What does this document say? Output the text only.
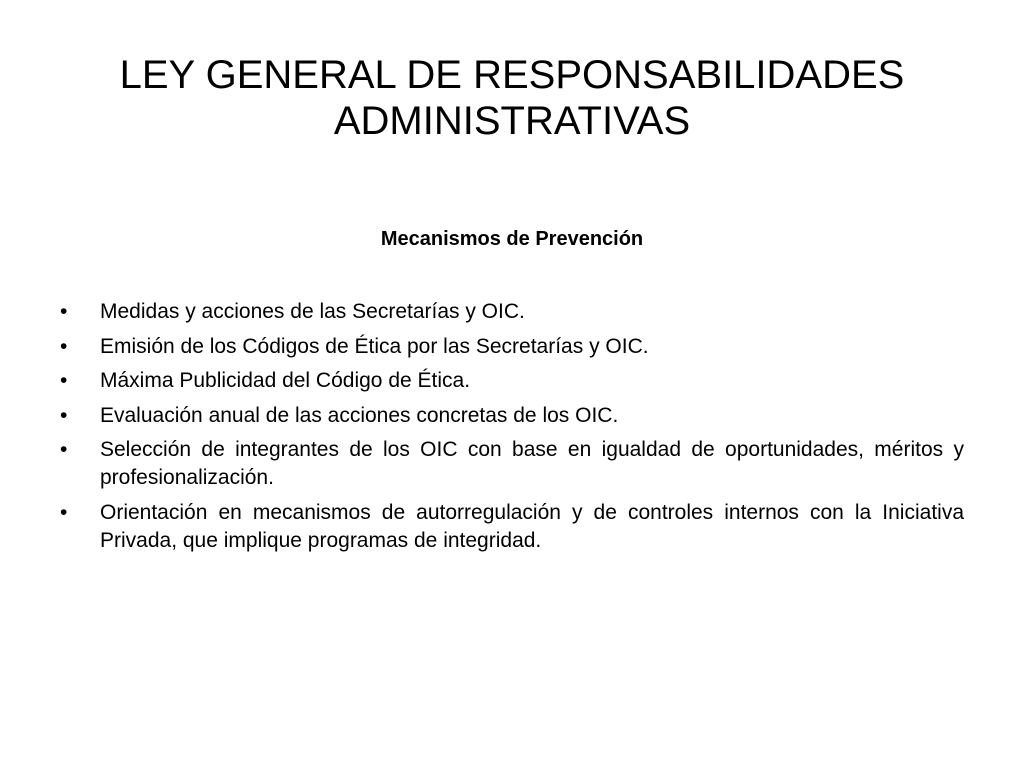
LEY GENERAL DE RESPONSABILIDADES
ADMINISTRATIVAS
Mecanismos de Prevención
•	Medidas y acciones de las Secretarías y OIC.
•	Emisión de los Códigos de Ética por las Secretarías y OIC.
•	Máxima Publicidad del Código de Ética.
•	Evaluación anual de las acciones concretas de los OIC.
•	Selección de integrantes de los OIC con base en igualdad de oportunidades, méritos y profesionalización.
•	Orientación en mecanismos de autorregulación y de controles internos con la Iniciativa Privada, que implique programas de integridad.
